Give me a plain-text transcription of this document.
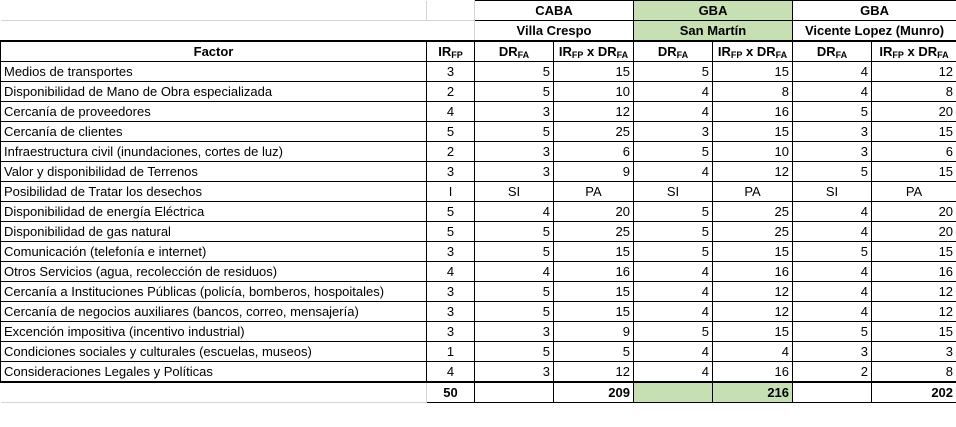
		CABA		GBA		GBA	
		Villa Crespo		San Martín		Vicente Lopez (Munro)	
Factor	$IR_{FP}$	$DR_{FA}$	$IR_{FP}$ x $DR_{FA}$	$DR_{FA}$	$IR_{FP}$ x $DR_{FA}$	$DR_{FA}$	$IR_{FP}$ x $DR_{FA}$
Medios de transportes	3	5	15	5	15	4	12
Disponibilidad de Mano de Obra especializada	2	5	10	4	8	4	8
Cercanía de proveedores	4	3	12	4	16	5	20
Cercanía de clientes	5	5	25	3	15	3	15
Infraestructura civil (inundaciones, cortes de luz)	2	3	6	5	10	3	6
Valor y disponibilidad de Terrenos	3	3	9	4	12	5	15
Posibilidad de Tratar los desechos	I	SI	PA	SI	PA	SI	PA
Disponibilidad de energía Eléctrica	5	4	20	5	25	4	20
Disponibilidad de gas natural	5	5	25	5	25	4	20
Comunicación (telefonía e internet)	3	5	15	5	15	5	15
Otros Servicios (agua, recolección de residuos)	4	4	16	4	16	4	16
Cercanía a Instituciones Públicas (policía, bomberos, hospoitales)	3	5	15	4	12	4	12
Cercanía de negocios auxiliares (bancos, correo, mensajería)	3	5	15	4	12	4	12
Excención impositiva (incentivo industrial)	3	3	9	5	15	5	15
Condiciones sociales y culturales (escuelas, museos)	1	5	5	4	4	3	3
Consideraciones Legales y Políticas	4	3	12	4	16	2	8
	50		209		216		202
